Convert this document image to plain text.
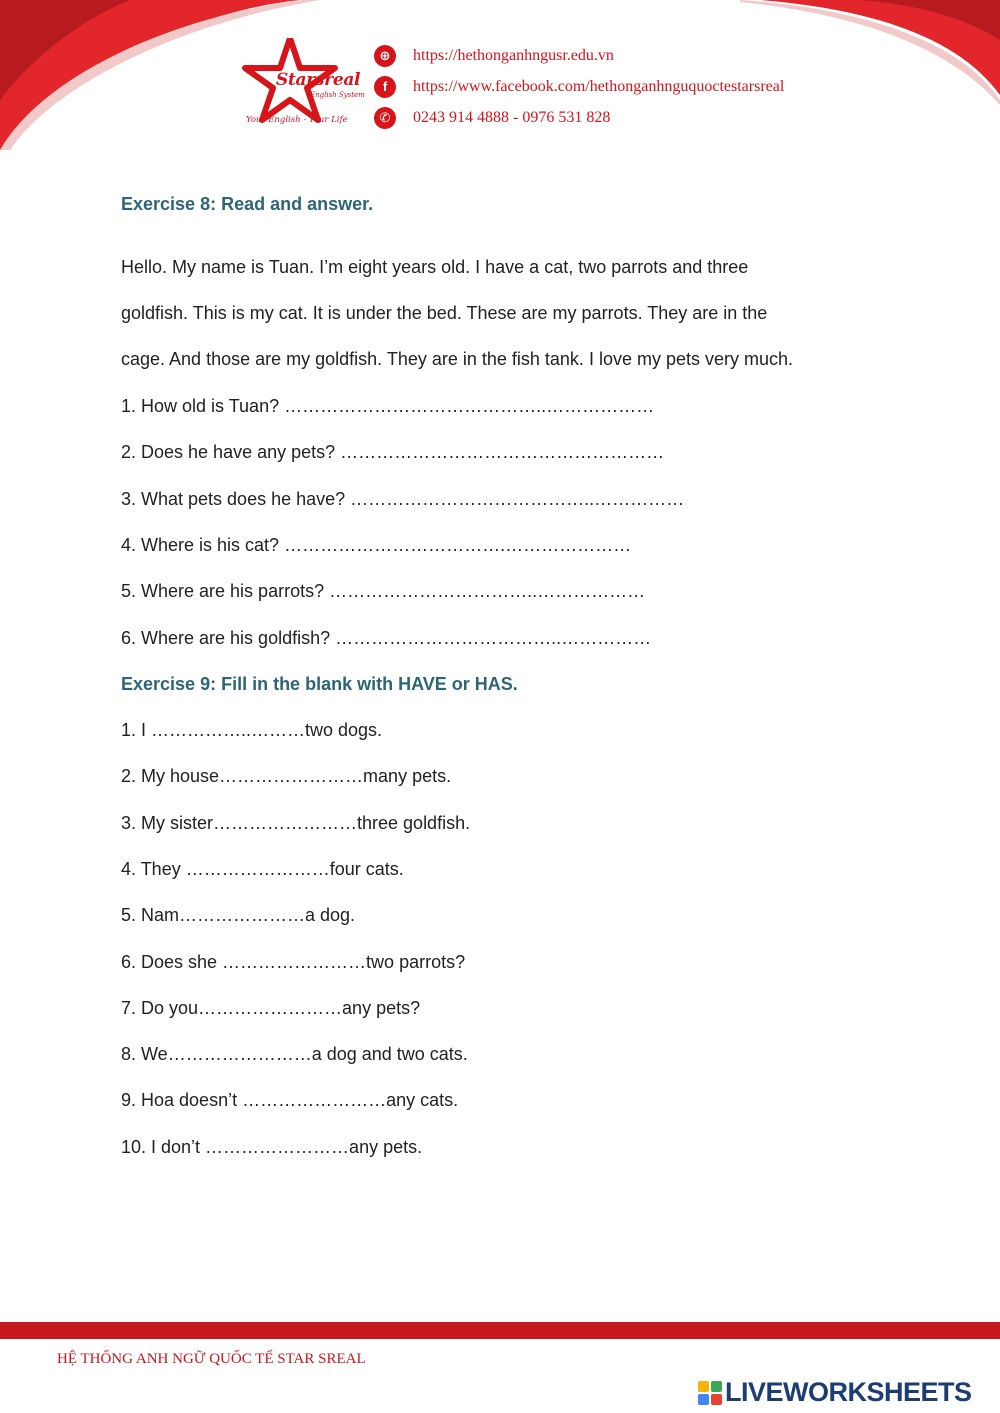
Starsreal
English System
Your English - Your Life
⊕	https://hethonganhngusr.edu.vn
f	https://www.facebook.com/hethonganhnguquoctestarsreal
✆	0243 914 4888 - 0976 531 828
Exercise 8: Read and answer.
Hello. My name is Tuan. I’m eight years old. I have a cat, two parrots and three
goldfish. This is my cat. It is under the bed. These are my parrots. They are in the
cage. And those are my goldfish. They are in the fish tank. I love my pets very much.
1. How old is Tuan? ……………………………………..………………
2. Does he have any pets? ………………………………………………
3. What pets does he have? …………………………………..……………
4. Where is his cat? ……………………………….…………………
5. Where are his parrots? ……………………………..………………
6. Where are his goldfish? ………………………………..……………
Exercise 9: Fill in the blank with HAVE or HAS.
1. I ……………..………two dogs.
2. My house……………………many pets.
3. My sister……………………three goldfish.
4. They ……………………four cats.
5. Nam…………………a dog.
6. Does she ……………………two parrots?
7. Do you……………………any pets?
8. We……………………a dog and two cats.
9. Hoa doesn’t ……………………any cats.
10. I don’t ……………………any pets.
HỆ THỐNG ANH NGỮ QUỐC TẾ STAR SREAL
LIVEWORKSHEETS
